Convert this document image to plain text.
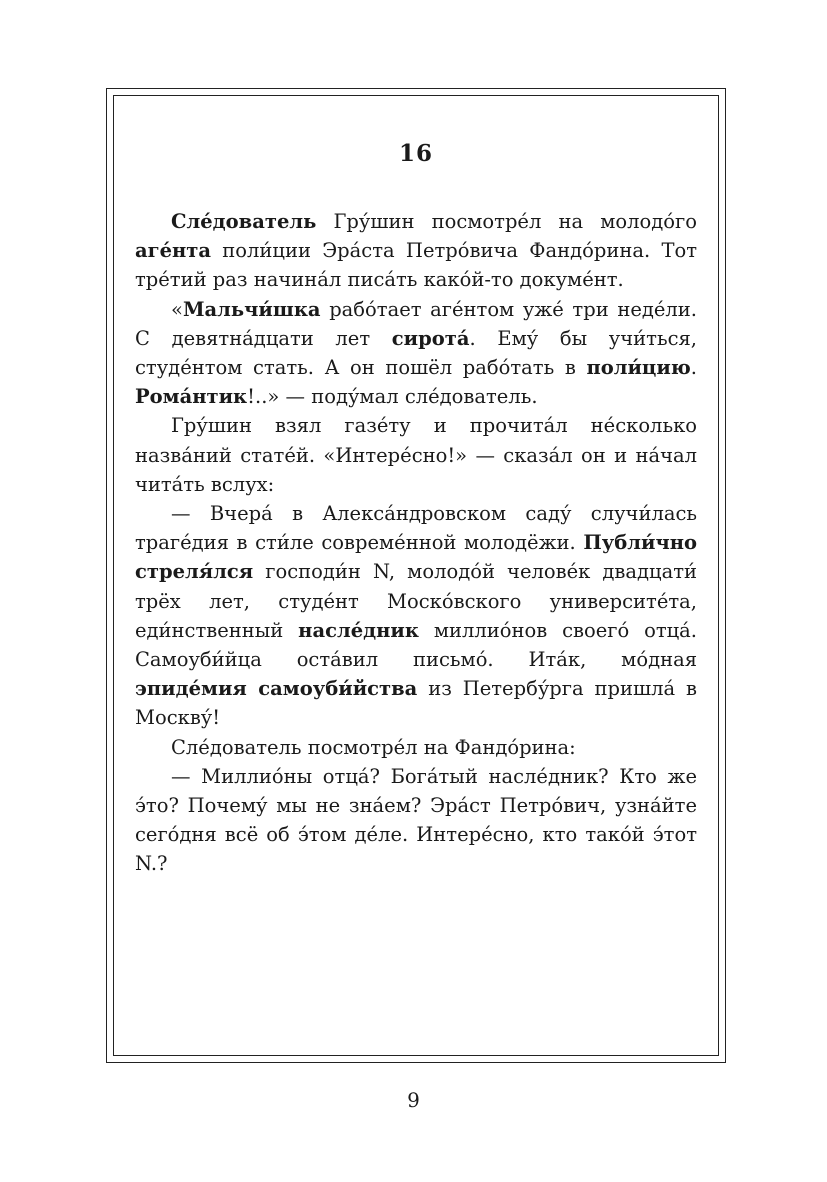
16

Сле́дователь Гру́шин посмотре́л на молодо́го аге́нта поли́ции Эра́ста Петро́вича Фандо́рина. Тот тре́тий раз начина́л писа́ть како́й-то докуме́нт.

«Мальчи́шка рабо́тает аге́нтом уже́ три неде́ли. С девятна́дцати лет сирота́. Ему́ бы учи́ться, студе́нтом стать. А он пошёл рабо́тать в поли́цию. Рома́нтик!..» — поду́мал сле́дователь.

Гру́шин взял газе́ту и прочита́л не́сколько назва́ний стате́й. «Интере́сно!» — сказа́л он и на́чал чита́ть вслух:

— Вчера́ в Алекса́ндровском саду́ случи́лась траге́дия в сти́ле совреме́нной молодёжи. Публи́чно стреля́лся господи́н N, молодо́й челове́к двадцати́ трёх лет, студе́нт Моско́вского университе́та, еди́нственный насле́дник миллио́нов своего́ отца́. Самоуби́йца оста́вил письмо́. Ита́к, мо́дная эпиде́мия самоуби́йства из Петербу́рга пришла́ в Москву́!

Сле́дователь посмотре́л на Фандо́рина:

— Миллио́ны отца́? Бога́тый насле́дник? Кто же э́то? Почему́ мы не зна́ем? Эра́ст Петро́вич, узна́йте сего́дня всё об э́том де́ле. Интере́сно, кто тако́й э́тот N.?

9
